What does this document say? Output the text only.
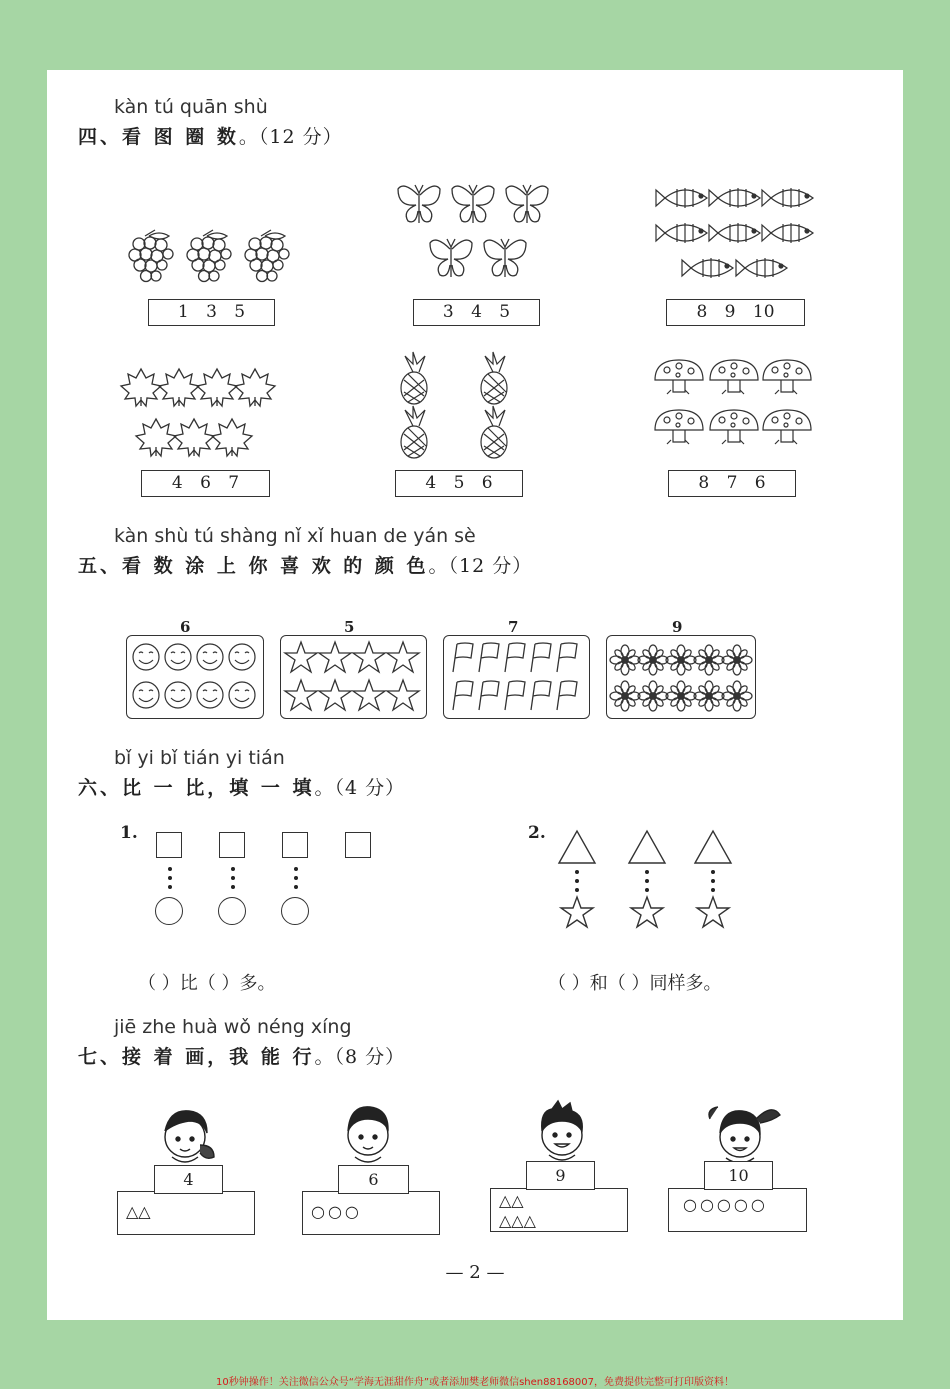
kàn tú quān shù
四、看 图 圈 数。（12 分）
1 3 5	3 4 5	8 9 10
4 6 7	4 5 6	8 7 6
kàn shù tú shàng nǐ xǐ huan de yán sè
五、看 数 涂 上 你 喜 欢 的 颜 色。（12 分）
6	5	7	9
bǐ yi bǐ tián yi tián
六、比 一 比，填 一 填。（4 分）
1.
（ ）比（ ）多。
2.
（ ）和（ ）同样多。
jiē zhe huà wǒ néng xíng
七、接 着 画，我 能 行。（8 分）
△△
4
○○○
6
△△
△△△
9
○○○○○
10
— 2 —
10秒钟操作！关注微信公众号“学海无涯甜作舟”或者添加樊老师微信shen88168007，免费提供完整可打印版资料！
